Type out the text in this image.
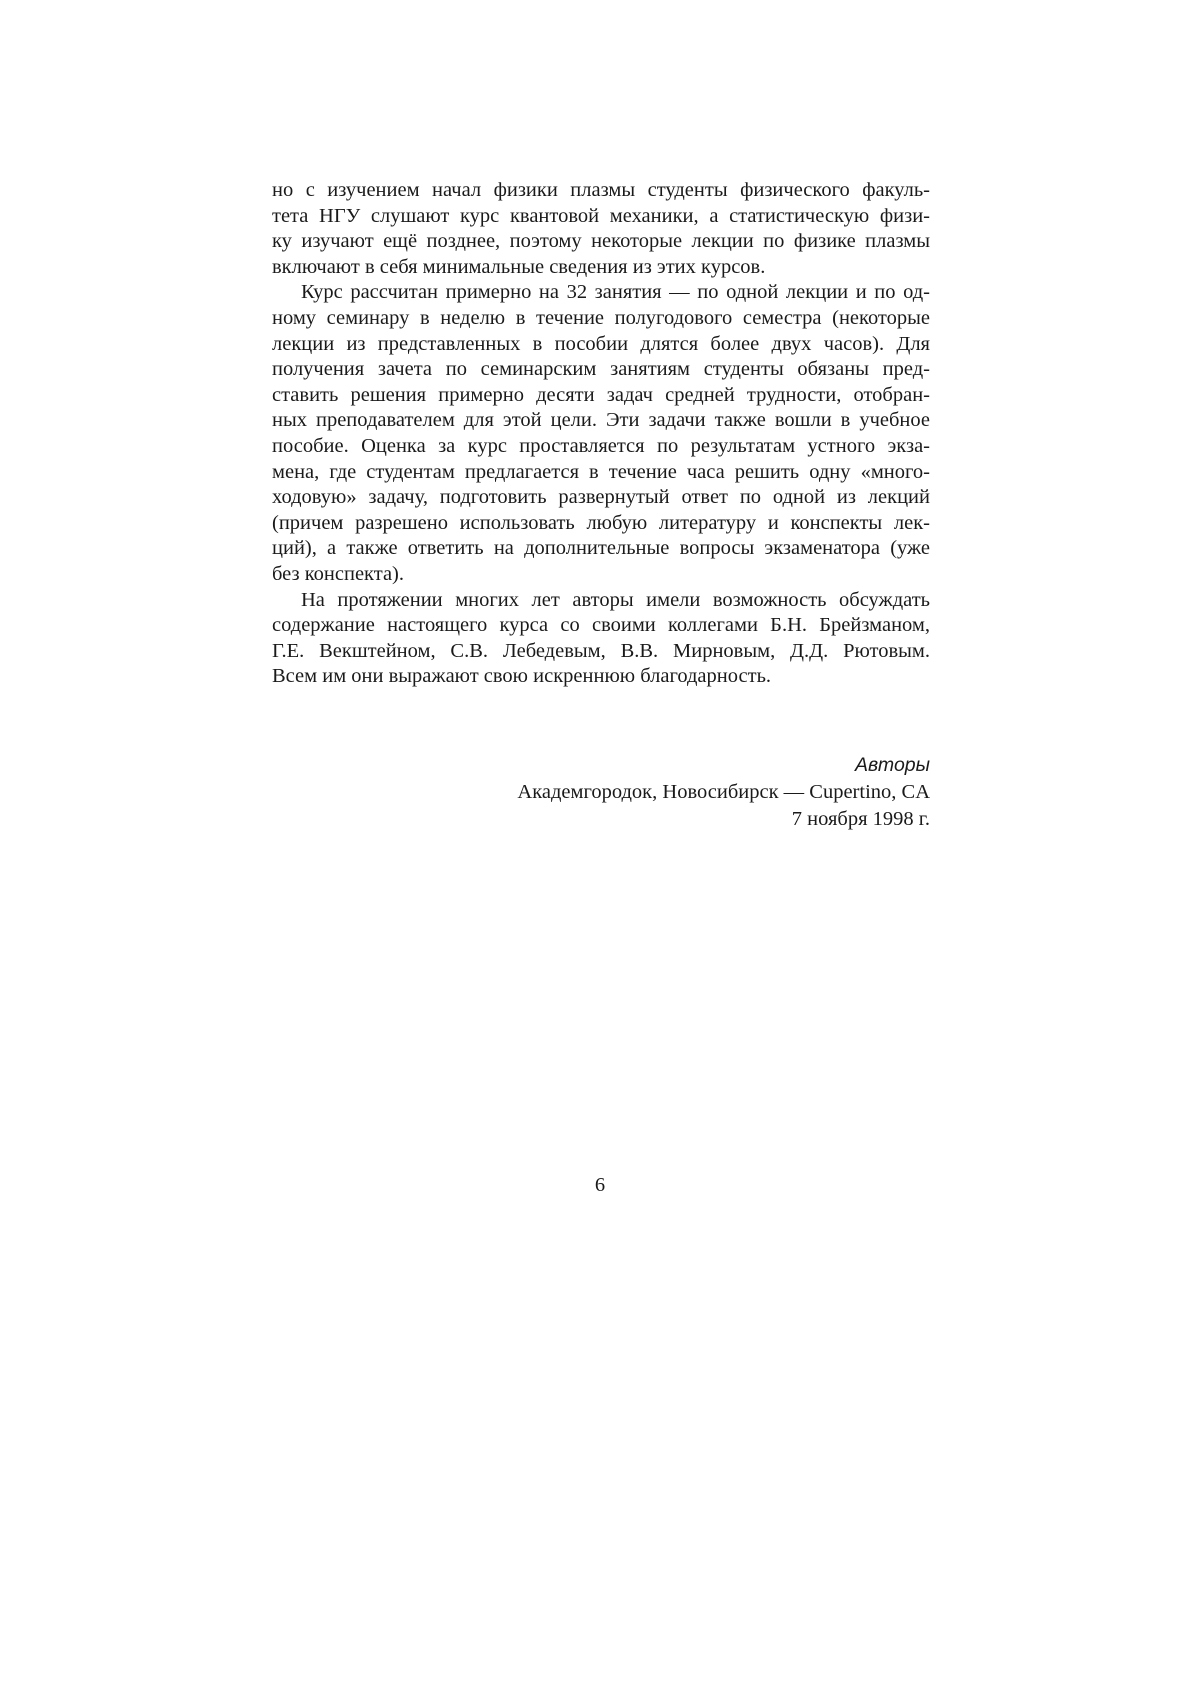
но с изучением начал физики плазмы студенты физического факуль-
тета НГУ слушают курс квантовой механики, а статистическую физи-
ку изучают ещё позднее, поэтому некоторые лекции по физике плазмы
включают в себя минимальные сведения из этих курсов.

Курс рассчитан примерно на 32 занятия — по одной лекции и по од-
ному семинару в неделю в течение полугодового семестра (некоторые
лекции из представленных в пособии длятся более двух часов). Для
получения зачета по семинарским занятиям студенты обязаны пред-
ставить решения примерно десяти задач средней трудности, отобран-
ных преподавателем для этой цели. Эти задачи также вошли в учебное
пособие. Оценка за курс проставляется по результатам устного экза-
мена, где студентам предлагается в течение часа решить одну «много-
ходовую» задачу, подготовить развернутый ответ по одной из лекций
(причем разрешено использовать любую литературу и конспекты лек-
ций), а также ответить на дополнительные вопросы экзаменатора (уже
без конспекта).

На протяжении многих лет авторы имели возможность обсуждать
содержание настоящего курса со своими коллегами Б.Н. Брейзманом,
Г.Е. Векштейном, С.В. Лебедевым, В.В. Мирновым, Д.Д. Рютовым.
Всем им они выражают свою искреннюю благодарность.

Авторы
Академгородок, Новосибирск — Cupertino, CA
7 ноября 1998 г.
6
